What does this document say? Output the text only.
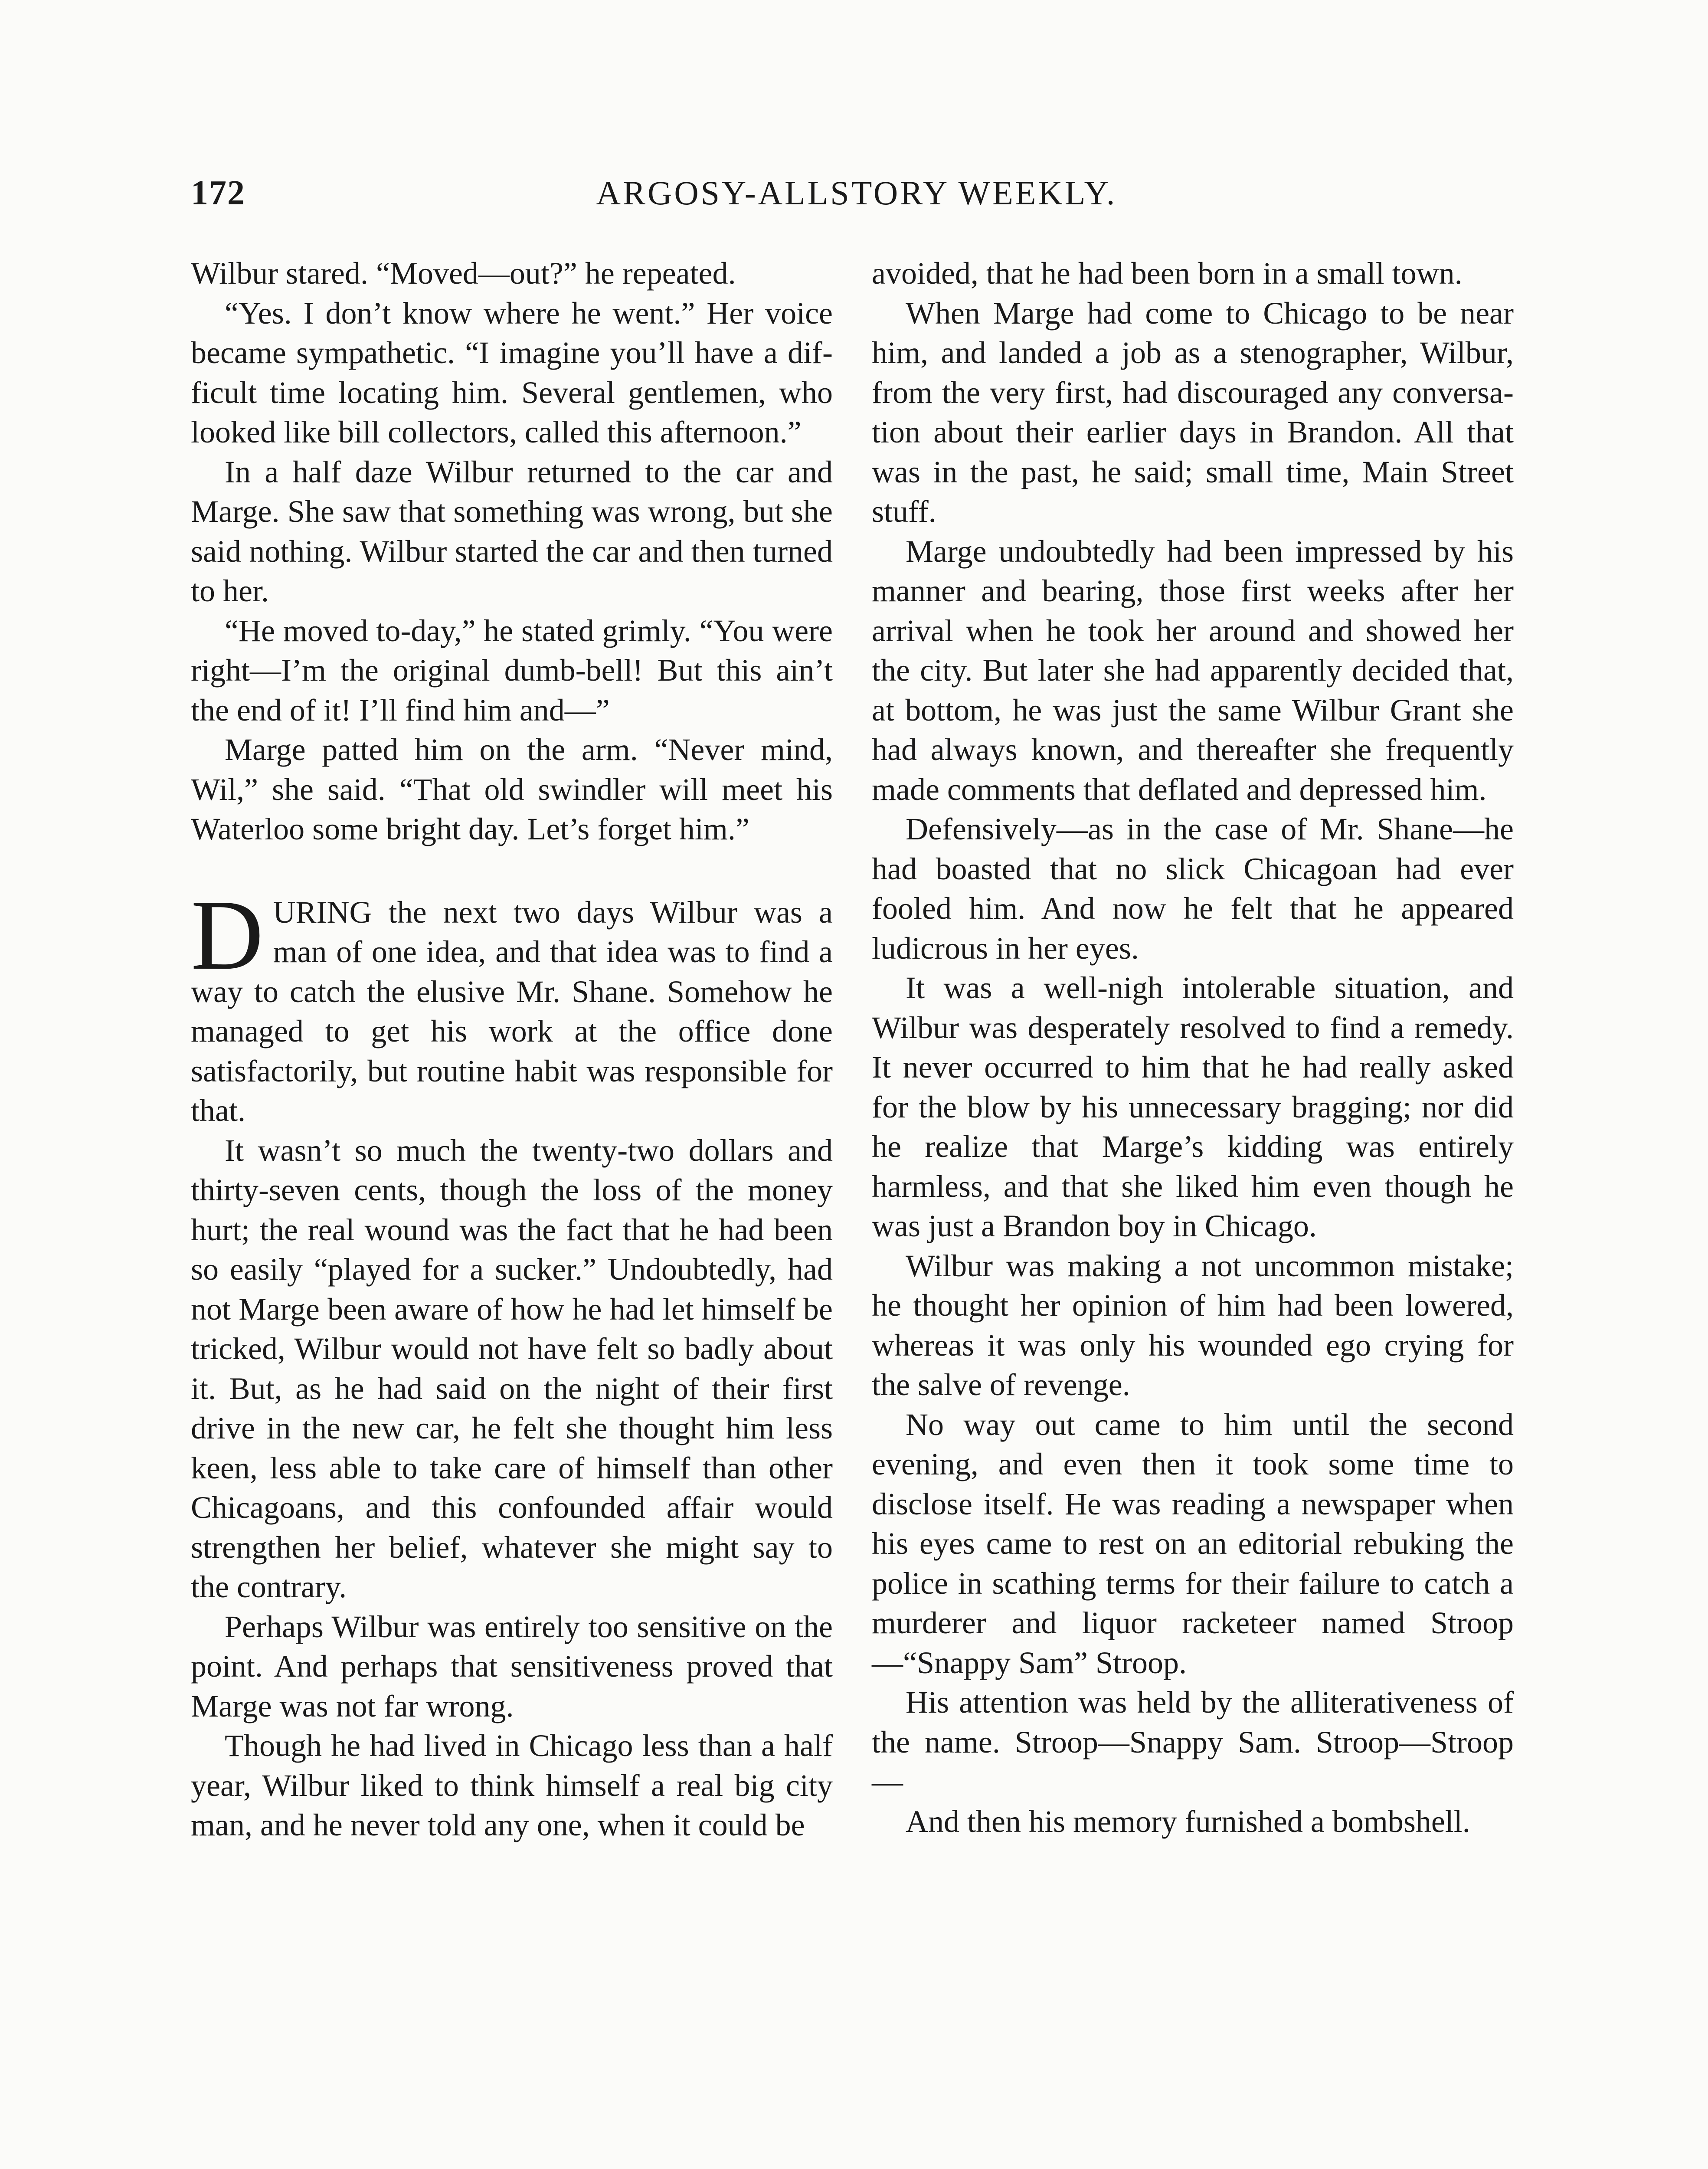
172	ARGOSY-ALLSTORY WEEKLY.

Wilbur stared. “Moved—out?” he repeated.

“Yes. I don’t know where he went.” Her voice became sympathetic. “I imagine you’ll have a difficult time locating him. Several gentlemen, who looked like bill collectors, called this afternoon.”

In a half daze Wilbur returned to the car and Marge. She saw that something was wrong, but she said nothing. Wilbur started the car and then turned to her.

“He moved to-day,” he stated grimly. “You were right—I’m the original dumb-bell! But this ain’t the end of it! I’ll find him and—”

Marge patted him on the arm. “Never mind, Wil,” she said. “That old swindler will meet his Waterloo some bright day. Let’s forget him.”

DURING the next two days Wilbur was a man of one idea, and that idea was to find a way to catch the elusive Mr. Shane. Somehow he managed to get his work at the office done satisfactorily, but routine habit was responsible for that.

It wasn’t so much the twenty-two dollars and thirty-seven cents, though the loss of the money hurt; the real wound was the fact that he had been so easily “played for a sucker.” Undoubtedly, had not Marge been aware of how he had let himself be tricked, Wilbur would not have felt so badly about it. But, as he had said on the night of their first drive in the new car, he felt she thought him less keen, less able to take care of himself than other Chicagoans, and this confounded affair would strengthen her belief, whatever she might say to the contrary.

Perhaps Wilbur was entirely too sensitive on the point. And perhaps that sensitiveness proved that Marge was not far wrong.

Though he had lived in Chicago less than a half year, Wilbur liked to think himself a real big city man, and he never told any one, when it could be

avoided, that he had been born in a small town.

When Marge had come to Chicago to be near him, and landed a job as a stenographer, Wilbur, from the very first, had discouraged any conversation about their earlier days in Brandon. All that was in the past, he said; small time, Main Street stuff.

Marge undoubtedly had been impressed by his manner and bearing, those first weeks after her arrival when he took her around and showed her the city. But later she had apparently decided that, at bottom, he was just the same Wilbur Grant she had always known, and thereafter she frequently made comments that deflated and depressed him.

Defensively—as in the case of Mr. Shane—he had boasted that no slick Chicagoan had ever fooled him. And now he felt that he appeared ludicrous in her eyes.

It was a well-nigh intolerable situation, and Wilbur was desperately resolved to find a remedy. It never occurred to him that he had really asked for the blow by his unnecessary bragging; nor did he realize that Marge’s kidding was entirely harmless, and that she liked him even though he was just a Brandon boy in Chicago.

Wilbur was making a not uncommon mistake; he thought her opinion of him had been lowered, whereas it was only his wounded ego crying for the salve of revenge.

No way out came to him until the second evening, and even then it took some time to disclose itself. He was reading a newspaper when his eyes came to rest on an editorial rebuking the police in scathing terms for their failure to catch a murderer and liquor racketeer named Stroop—“Snappy Sam” Stroop.

His attention was held by the alliterativeness of the name. Stroop—Snappy Sam. Stroop—Stroop—

And then his memory furnished a bombshell.
